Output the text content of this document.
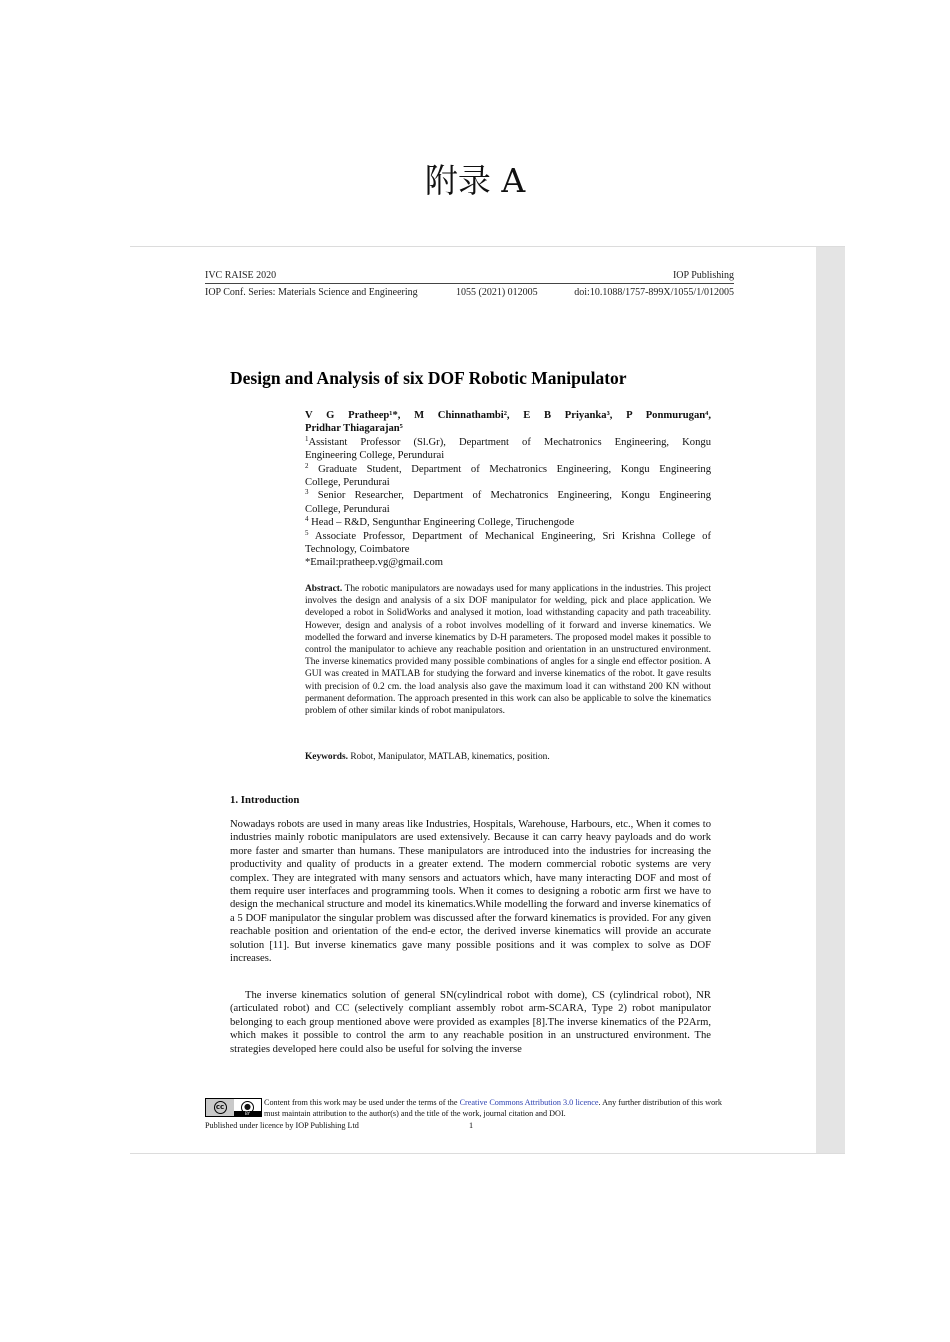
附录 A
IVC RAISE 2020	IOP Publishing
IOP Conf. Series: Materials Science and Engineering	1055 (2021) 012005	doi:10.1088/1757-899X/1055/1/012005
Design and Analysis of six DOF Robotic Manipulator
V G Pratheep¹*, M Chinnathambi², E B Priyanka³, P Ponmurugan⁴,
Pridhar Thiagarajan⁵
$^1$Assistant Professor (Sl.Gr), Department of Mechatronics Engineering, Kongu
Engineering College, Perundurai
$^2$ Graduate Student, Department of Mechatronics Engineering, Kongu Engineering
College, Perundurai
$^3$ Senior Researcher, Department of Mechatronics Engineering, Kongu Engineering
College, Perundurai
$^4$ Head – R&D, Sengunthar Engineering College, Tiruchengode
$^5$ Associate Professor, Department of Mechanical Engineering, Sri Krishna College of
Technology, Coimbatore
*Email:pratheep.vg@gmail.com
Abstract. The robotic manipulators are nowadays used for many applications in the industries. This project involves the design and analysis of a six DOF manipulator for welding, pick and place application. We developed a robot in SolidWorks and analysed it motion, load withstanding capacity and path traceability. However, design and analysis of a robot involves modelling of it forward and inverse kinematics. We modelled the forward and inverse kinematics by D-H parameters. The proposed model makes it possible to control the manipulator to achieve any reachable position and orientation in an unstructured environment. The inverse kinematics provided many possible combinations of angles for a single end effector position. A GUI was created in MATLAB for studying the forward and inverse kinematics of the robot. It gave results with precision of 0.2 cm. the load analysis also gave the maximum load it can withstand 200 KN without permanent deformation. The approach presented in this work can also be applicable to solve the kinematics problem of other similar kinds of robot manipulators.
Keywords. Robot, Manipulator, MATLAB, kinematics, position.
1. Introduction
Nowadays robots are used in many areas like Industries, Hospitals, Warehouse, Harbours, etc., When it comes to industries mainly robotic manipulators are used extensively. Because it can carry heavy payloads and do work more faster and smarter than humans. These manipulators are introduced into the industries for increasing the productivity and quality of products in a greater extend. The modern commercial robotic systems are very complex. They are integrated with many sensors and actuators which, have many interacting DOF and most of them require user interfaces and programming tools. When it comes to designing a robotic arm first we have to design the mechanical structure and model its kinematics.While modelling the forward and inverse kinematics of a 5 DOF manipulator the singular problem was discussed after the forward kinematics is provided. For any given reachable position and orientation of the end-e ector, the derived inverse kinematics will provide an accurate solution [11]. But inverse kinematics gave many possible positions and it was complex to solve as DOF increases.
The inverse kinematics solution of general SN(cylindrical robot with dome), CS (cylindrical robot), NR (articulated robot) and CC (selectively compliant assembly robot arm-SCARA, Type 2) robot manipulator belonging to each group mentioned above were provided as examples [8].The inverse kinematics of the P2Arm, which makes it possible to control the arm to any reachable position in an unstructured environment. The strategies developed here could also be useful for solving the inverse
cc	●
BY
Content from this work may be used under the terms of the Creative Commons Attribution 3.0 licence. Any further distribution of this work must maintain attribution to the author(s) and the title of the work, journal citation and DOI.
Published under licence by IOP Publishing Ltd	1
